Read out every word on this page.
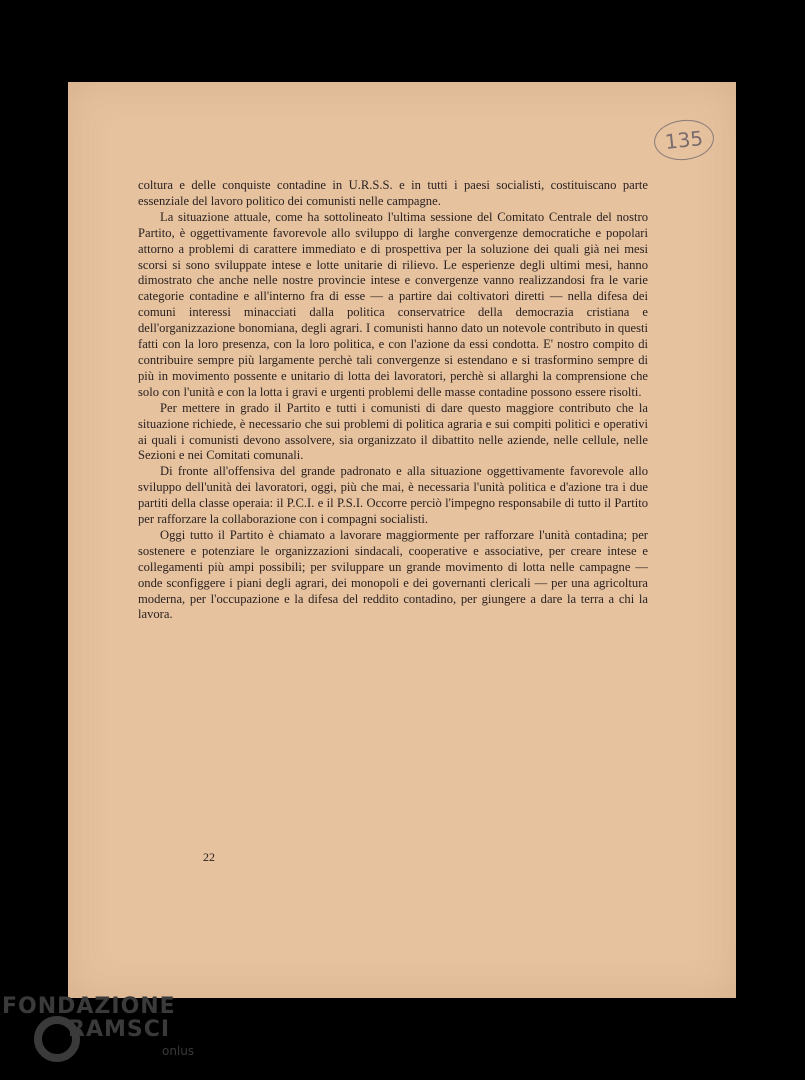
135

coltura e delle conquiste contadine in U.R.S.S. e in tutti i paesi socialisti, costituiscano parte essenziale del lavoro politico dei comunisti nelle campagne.

La situazione attuale, come ha sottolineato l'ultima sessione del Comitato Centrale del nostro Partito, è oggettivamente favorevole allo sviluppo di larghe convergenze democratiche e popolari attorno a problemi di carattere immediato e di prospettiva per la soluzione dei quali già nei mesi scorsi si sono sviluppate intese e lotte unitarie di rilievo. Le esperienze degli ultimi mesi, hanno dimostrato che anche nelle nostre provincie intese e convergenze vanno realizzandosi fra le varie categorie contadine e all'interno fra di esse — a partire dai coltivatori diretti — nella difesa dei comuni interessi minacciati dalla politica conservatrice della democrazia cristiana e dell'organizzazione bonomiana, degli agrari. I comunisti hanno dato un notevole contributo in questi fatti con la loro presenza, con la loro politica, e con l'azione da essi condotta. E' nostro compito di contribuire sempre più largamente perchè tali convergenze si estendano e si trasformino sempre di più in movimento possente e unitario di lotta dei lavoratori, perchè si allarghi la comprensione che solo con l'unità e con la lotta i gravi e urgenti problemi delle masse contadine possono essere risolti.

Per mettere in grado il Partito e tutti i comunisti di dare questo maggiore contributo che la situazione richiede, è necessario che sui problemi di politica agraria e sui compiti politici e operativi ai quali i comunisti devono assolvere, sia organizzato il dibattito nelle aziende, nelle cellule, nelle Sezioni e nei Comitati comunali.

Di fronte all'offensiva del grande padronato e alla situazione oggettivamente favorevole allo sviluppo dell'unità dei lavoratori, oggi, più che mai, è necessaria l'unità politica e d'azione tra i due partiti della classe operaia: il P.C.I. e il P.S.I. Occorre perciò l'impegno responsabile di tutto il Partito per rafforzare la collaborazione con i compagni socialisti.

Oggi tutto il Partito è chiamato a lavorare maggiormente per rafforzare l'unità contadina; per sostenere e potenziare le organizzazioni sindacali, cooperative e associative, per creare intese e collegamenti più ampi possibili; per sviluppare un grande movimento di lotta nelle campagne — onde sconfiggere i piani degli agrari, dei monopoli e dei governanti clericali — per una agricoltura moderna, per l'occupazione e la difesa del reddito contadino, per giungere a dare la terra a chi la lavora.

22
FONDAZIONE
RAMSCI
onlus
